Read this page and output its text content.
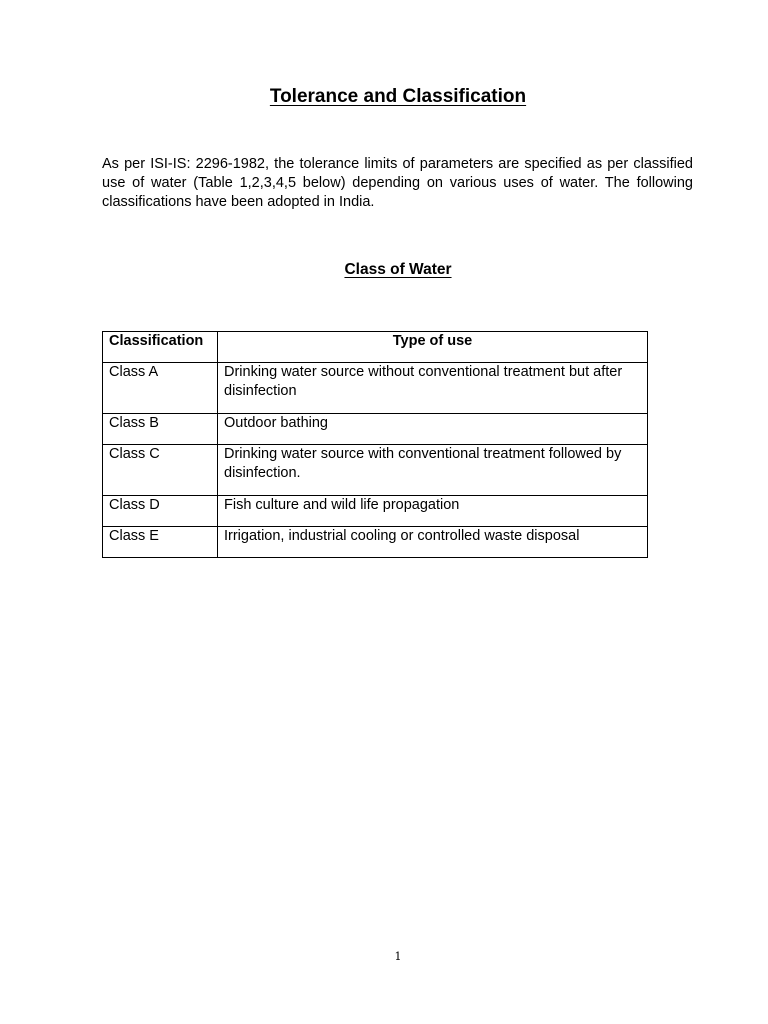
Tolerance and Classification

As per ISI-IS: 2296-1982, the tolerance limits of parameters are specified as per classified use of water (Table 1,2,3,4,5 below) depending on various uses of water. The following classifications have been adopted in India.

Class of Water
Classification	Type of use
Class A	Drinking water source without conventional treatment but after disinfection
Class B	Outdoor bathing
Class C	Drinking water source with conventional treatment followed by disinfection.
Class D	Fish culture and wild life propagation
Class E	Irrigation, industrial cooling or controlled waste disposal
1
